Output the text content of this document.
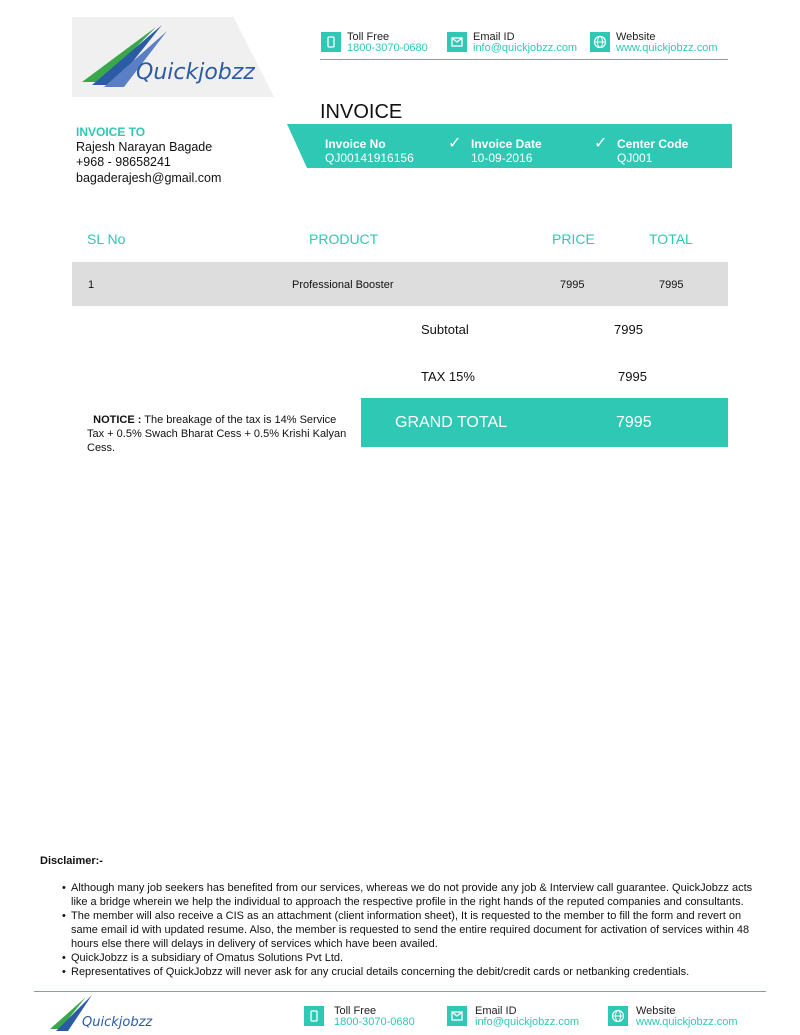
Quickjobzz
Toll Free
1800-3070-0680
Email ID
info@quickjobzz.com
Website
www.quickjobzz.com
INVOICE
INVOICE TO
Rajesh Narayan Bagade
+968 - 98658241
bagaderajesh@gmail.com
Invoice No
QJ00141916156
✓ Invoice Date
10-09-2016
✓ Center Code
QJ001
SL No	PRODUCT	PRICE	TOTAL
1	Professional Booster	7995	7995
Subtotal	7995
TAX 15%	7995
GRAND TOTAL	7995
NOTICE : The breakage of the tax is 14% Service Tax + 0.5% Swach Bharat Cess + 0.5% Krishi Kalyan Cess.
Disclaimer:-
• Although many job seekers has benefited from our services, whereas we do not provide any job & Interview call guarantee. QuickJobzz acts like a bridge wherein we help the individual to approach the respective profile in the right hands of the reputed companies and consultants.
• The member will also receive a CIS as an attachment (client information sheet), It is requested to the member to fill the form and revert on same email id with updated resume. Also, the member is requested to send the entire required document for activation of services within 48 hours else there will delays in delivery of services which have been availed.
• QuickJobzz is a subsidiary of Omatus Solutions Pvt Ltd.
• Representatives of QuickJobzz will never ask for any crucial details concerning the debit/credit cards or netbanking credentials.
Quickjobzz
Toll Free
1800-3070-0680
Email ID
info@quickjobzz.com
Website
www.quickjobzz.com
